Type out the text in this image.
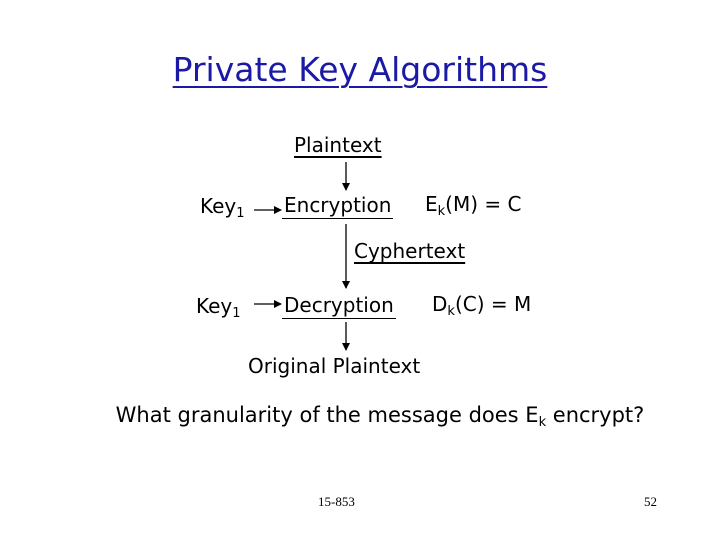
Private Key Algorithms
Plaintext
Key$_1$ Encryption $E_k(M) = C$
Cyphertext
Key$_1$ Decryption $D_k(C) = M$
Original Plaintext
What granularity of the message does $E_k$ encrypt?
15-853	52
